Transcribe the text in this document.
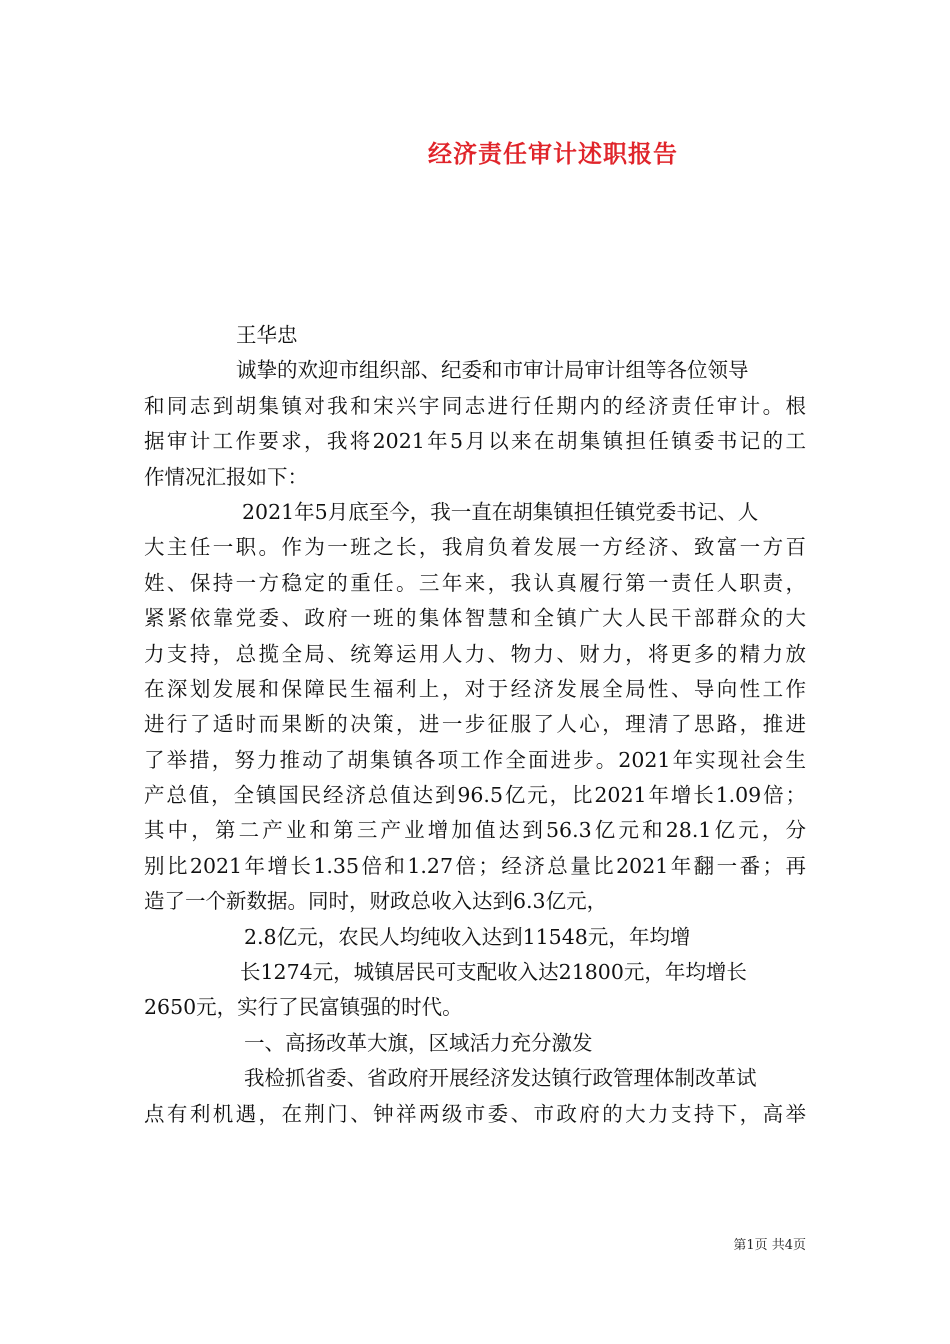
经济责任审计述职报告
王华忠
诚挚的欢迎市组织部、纪委和市审计局审计组等各位领导
和同志到胡集镇对我和宋兴宇同志进行任期内的经济责任审计。根
据审计工作要求，我将2021年5月以来在胡集镇担任镇委书记的工
作情况汇报如下：
2021年5月底至今，我一直在胡集镇担任镇党委书记、人
大主任一职。作为一班之长，我肩负着发展一方经济、致富一方百
姓、保持一方稳定的重任。三年来，我认真履行第一责任人职责，
紧紧依靠党委、政府一班的集体智慧和全镇广大人民干部群众的大
力支持，总揽全局、统筹运用人力、物力、财力，将更多的精力放
在深划发展和保障民生福利上，对于经济发展全局性、导向性工作
进行了适时而果断的决策，进一步征服了人心，理清了思路，推进
了举措，努力推动了胡集镇各项工作全面进步。2021年实现社会生
产总值，全镇国民经济总值达到96.5亿元，比2021年增长1.09倍；
其中，第二产业和第三产业增加值达到56.3亿元和28.1亿元，分
别比2021年增长1.35倍和1.27倍；经济总量比2021年翻一番；再
造了一个新数据。同时，财政总收入达到6.3亿元，
2.8亿元，农民人均纯收入达到11548元，年均增
长1274元，城镇居民可支配收入达21800元，年均增长
2650元，实行了民富镇强的时代。
一、高扬改革大旗，区域活力充分激发
我检抓省委、省政府开展经济发达镇行政管理体制改革试
点有利机遇，在荆门、钟祥两级市委、市政府的大力支持下，高举
第1页 共4页
